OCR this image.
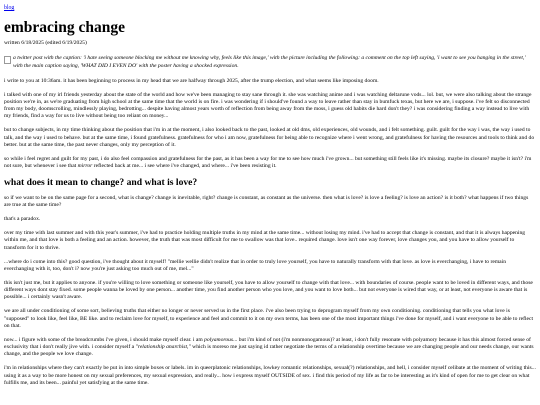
blog
embracing change
written 6/18/2025 (edited 6/19/2025)
a twitter post with the caption: 'i hate seeing someone blocking me without me knowing why, feels like this image,' with the picture including the following: a comment on the top left saying, 'i want to see you hanging in the street,' with the main caption saying, 'WHAT DID I EVEN DO' with the poster having a shocked expression.

i write to you at 10:36am. it has been beginning to process in my head that we are halfway through 2025, after the trump election, and what seems like imposing doom.

i talked with one of my irl friends yesterday about the state of the world and how we've been managing to stay sane through it. she was watching anime and i was watching deltarune vods... lol. but, we were also talking about the strange position we're in, as we're graduating from high school at the same time that the world is on fire. i was wondering if i should've found a way to leave rather than stay in bumfuck texas, but here we are, i suppose. i've felt so disconnected from my body, doomscrolling, mindlessly playing, bedrotting... despite having almost years worth of reflection from being away from the moss, i guess old habits die hard don't they? i was considering finding a way instead to live with my friends, find a way for us to live without being too reliant on money...

but to change subjects, in my time thinking about the position that i'm in at the moment, i also looked back to the past, looked at old dms, old experiences, old wounds, and i felt something. guilt. guilt for the way i was, the way i used to talk, and the way i used to behave. but at the same time, i found gratefulness. gratefulness for who i am now, gratefulness for being able to recognize where i went wrong, and gratefulness for having the resources and tools to think and do better. but at the same time, the past never changes, only my perception of it.

so while i feel regret and guilt for my past, i do also feel compassion and gratefulness for the past, as it has been a way for me to see how much i've grown... but something still feels like it's missing. maybe its closure? maybe it isn't? i'm not sure, but whenever i see that mirror reflected back at me... i see where i've changed, and where... i've been resisting it.

what does it mean to change? and what is love?

so if we want to be on the same page for a second, what is change? change is inevitable, right? change is constant, as constant as the universe. then what is love? is love a feeling? is love an action? is it both? what happens if two things are true at the same time?

that's a paradox.

over my time with last summer and with this year's summer, i've had to practice holding multiple truths in my mind at the same time... without losing my mind. i've had to accept that change is constant, and that it is always happening within me, and that love is both a feeling and an action. however, the truth that was most difficult for me to swallow was that love.. required change. love isn't one way forever, love changes you, and you have to allow yourself to transform for it to thrive.

...where do i come into this? good question, i've thought about it myself! "mellie wellie didn't realize that in order to truly love yourself, you have to naturally transform with that love. as love is everchanging, i have to remain everchanging with it, too, don't i? now you're just asking too much out of me, mel..."

this isn't just me, but it applies to anyone. if you're willing to love something or someone like yourself, you have to allow yourself to change with that love... with boundaries of course. people want to be loved in different ways, and those different ways dont stay fixed. some people wanna be loved by one person... another time, you find another person who you love, and you want to love both... but not everyone is wired that way, or at least, not everyone is aware that is possible... i certainly wasn't aware.

we are all under conditioning of some sort, believing truths that either no longer or never served us in the first place. i've also been trying to deprogram myself from my own conditioning. conditioning that tells you what love is "supposed" to look like, feel like, BE like. and to reclaim love for myself, to experience and feel and commit to it on my own terms, has been one of the most important things i've done for myself, and i want everyone to be able to reflect on that.

now... i figure with some of the breadcrumbs i've given, i should make myself clear. i am polyamorous... but i'm kind of not (i'm nonmonogamous)? at least, i don't fully resonate with polyamory because it has this almost forced sense of exclusivity that i don't really jive with. i consider myself a "relationship anarchist," which is moreso me just saying id rather negotiate the terms of a relationship overtime because we are changing people and our needs change, our wants change, and the people we love change.

i'm in relationships where they can't exactly be put in into simple boxes or labels. im in queerplatonic relationships, lowkey romantic relationships, sexual(?) relationships, and hell, i consider myself celibate at the moment of writing this... using it as a way to be more honest on my sexual preferences, my sexual expression, and really... how i express myself OUTSIDE of sex. i find this period of my life as far to be interesting as it's kind of open for me to get clear on what fulfills me, and its been... painful yet satisfying at the same time.
